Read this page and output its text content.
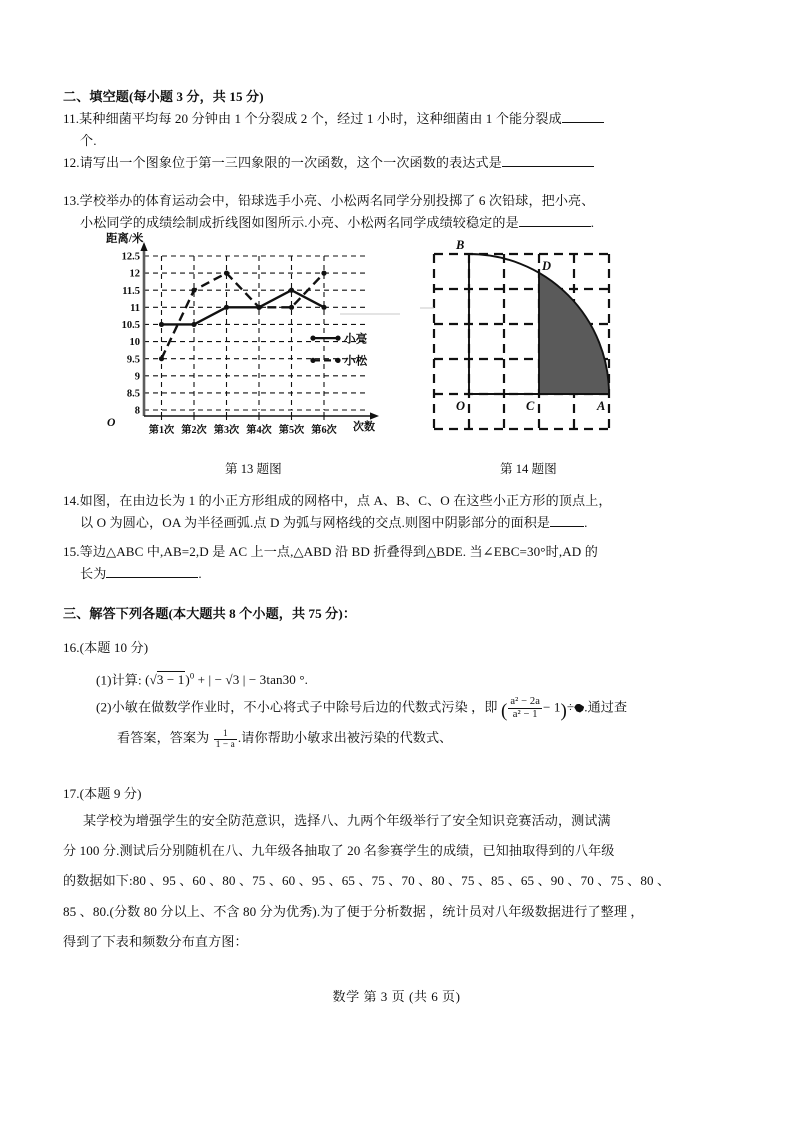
二、填空题(每小题 3 分，共 15 分)
11.某种细菌平均每 20 分钟由 1 个分裂成 2 个，经过 1 小时，这种细菌由 1 个能分裂成
个.
12.请写出一个图象位于第一三四象限的一次函数，这个一次函数的表达式是
13.学校举办的体育运动会中，铅球选手小亮、小松两名同学分别投掷了 6 次铅球，把小亮、
小松同学的成绩绘制成折线图如图所示.小亮、小松两名同学成绩较稳定的是	.
距离/米
8
8.5
9
9.5
10
10.5
11
11.5
12
12.5
第1次 第2次 第3次 第4次 第5次 第6次
小亮
小松
O	次数
O	C	A
B
D
第 13 题图	第 14 题图
14.如图，在由边长为 1 的小正方形组成的网格中，点 A、B、C、O 在这些小正方形的顶点上，
以 O 为圆心，OA 为半径画弧.点 D 为弧与网格线的交点.则图中阴影部分的面积是	.
15.等边△ABC 中,AB=2,D 是 AC 上一点,△ABD 沿 BD 折叠得到△BDE. 当∠EBC=30°时,AD 的
长为	.
三、解答下列各题(本大题共 8 个小题，共 75 分)：
16.(本题 10 分)
(1)计算: $(√3 - 1)^0$ + | − √3 | − 3tan30 °.
(2)小敏在做数学作业时，不小心将式子中除号后边的代数式污染 ，即 ( $\frac{\text{a² − 2a}}{\text{a² − 1}} - 1)\div$ .通过查
看答案，答案为 $\frac{1}{1 - a}$ .请你帮助小敏求出被污染的代数式、
17.(本题 9 分)
某学校为增强学生的安全防范意识，选择八、九两个年级举行了安全知识竞赛活动，测试满
分 100 分.测试后分别随机在八、九年级各抽取了 20 名参赛学生的成绩，已知抽取得到的八年级
的数据如下:80 、95 、60 、80 、75 、60 、95 、65 、75 、70 、80 、75 、85 、65 、90 、70 、75 、80 、
85 、80.(分数 80 分以上、不含 80 分为优秀).为了便于分析数据 ，统计员对八年级数据进行了整理 ，
得到了下表和频数分布直方图：
数学 第 3 页 (共 6 页)
